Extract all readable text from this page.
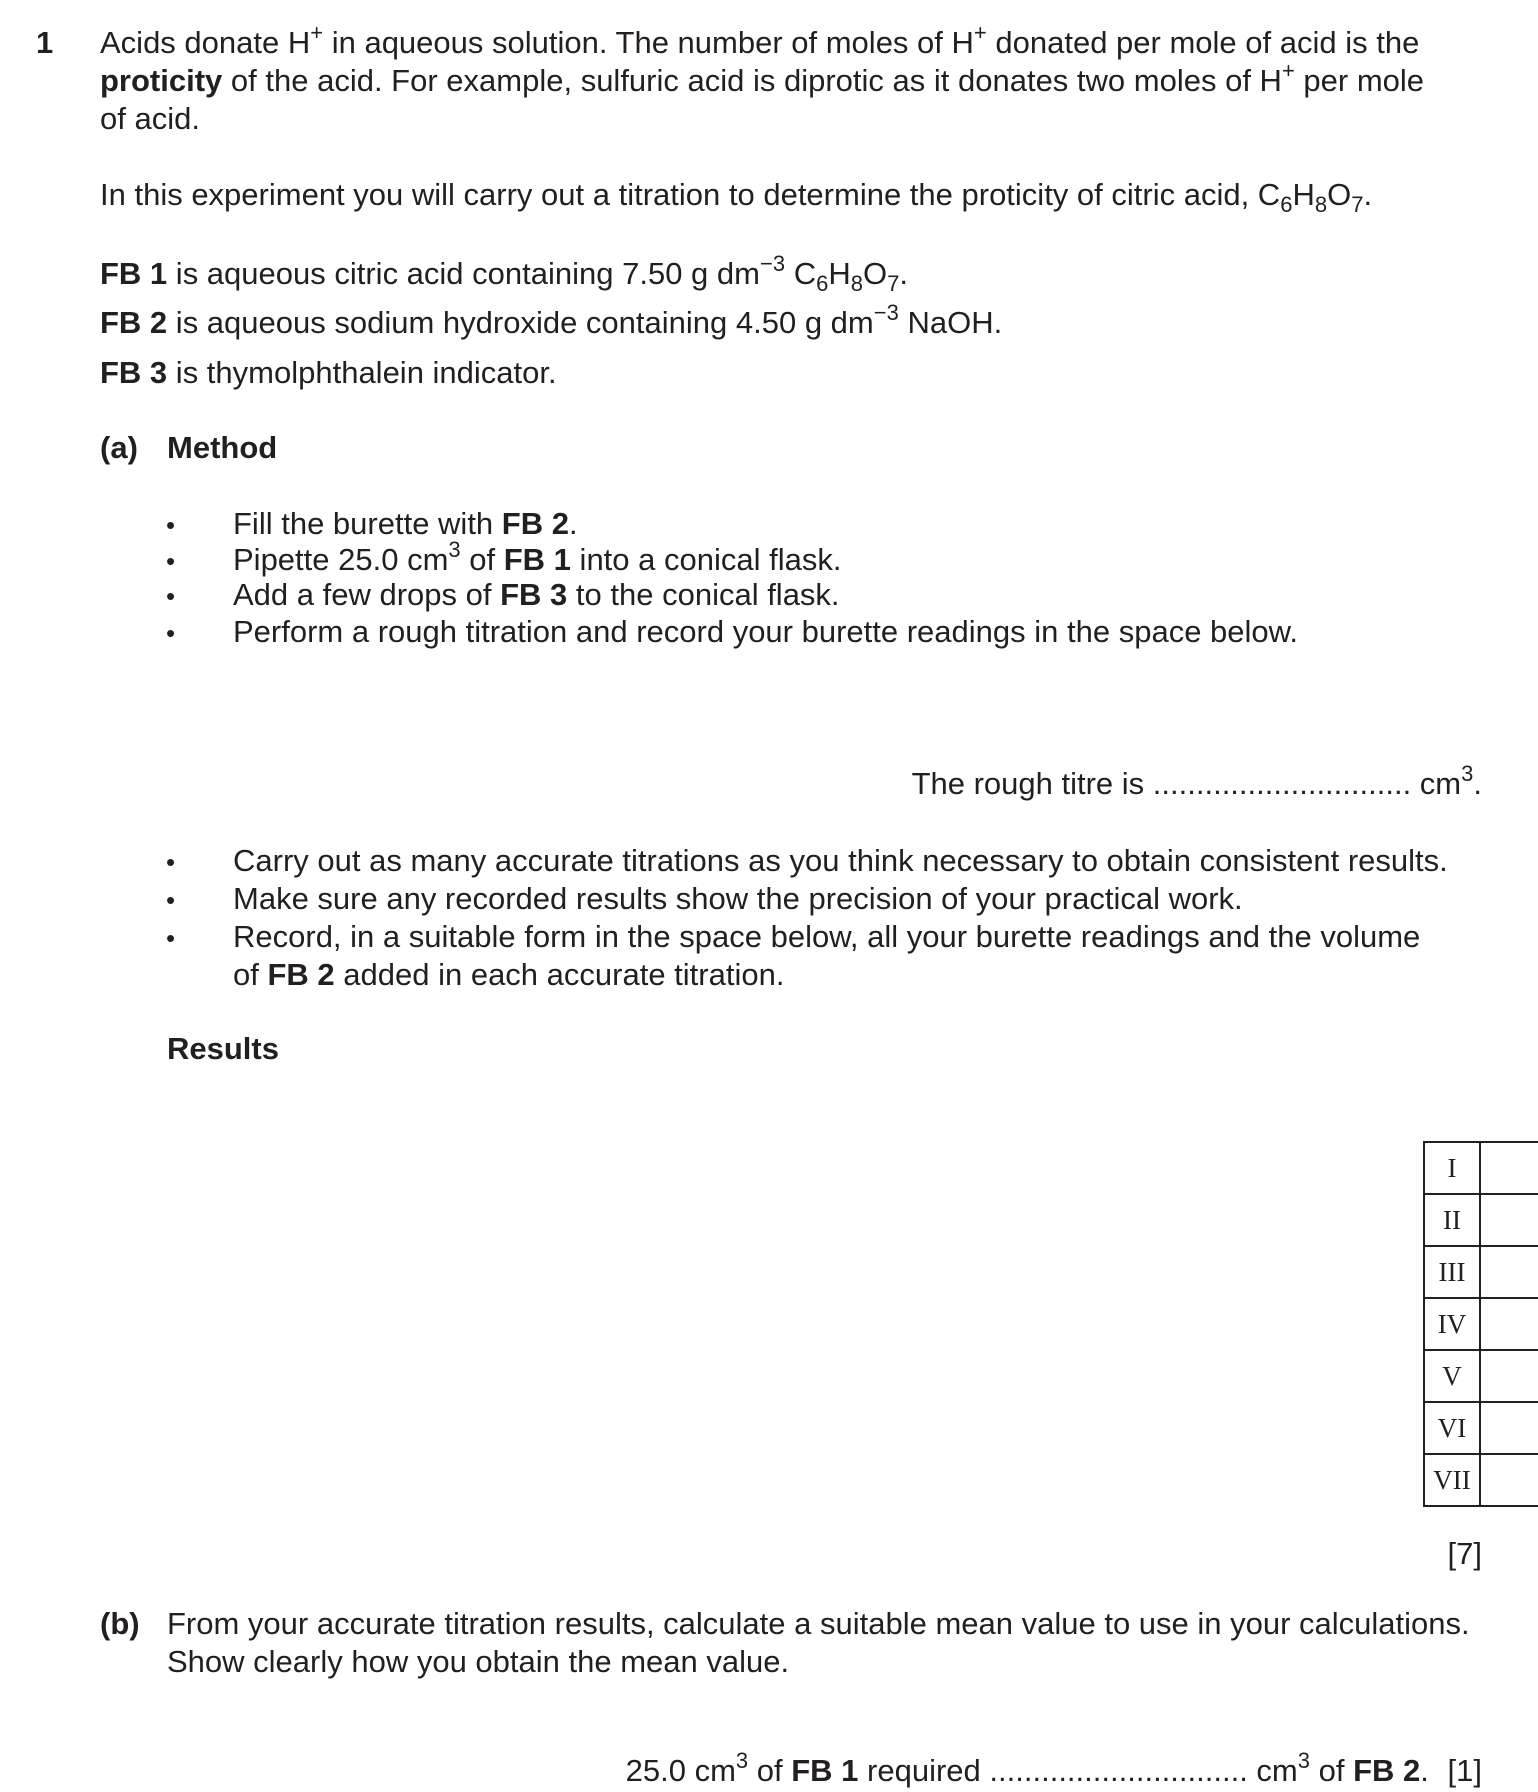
1 Acids donate H+ in aqueous solution. The number of moles of H+ donated per mole of acid is the
proticity of the acid. For example, sulfuric acid is diprotic as it donates two moles of H+ per mole
of acid.
In this experiment you will carry out a titration to determine the proticity of citric acid, $C_6H_8O_7$.
FB 1 is aqueous citric acid containing 7.50 g $dm^{-3}$ $C_6H_8O_7$.
FB 2 is aqueous sodium hydroxide containing 4.50 g $dm^{-3}$ NaOH.
FB 3 is thymolphthalein indicator.
(a) Method
• Fill the burette with FB 2.
• Pipette 25.0 $cm^3$ of FB 1 into a conical flask.
• Add a few drops of FB 3 to the conical flask.
• Perform a rough titration and record your burette readings in the space below.
The rough titre is .............................. $cm^3$.
• Carry out as many accurate titrations as you think necessary to obtain consistent results.
• Make sure any recorded results show the precision of your practical work.
• Record, in a suitable form in the space below, all your burette readings and the volume
of FB 2 added in each accurate titration.
Results
I	
II	
III	
IV	
V	
VI	
VII	
[7]
(b) From your accurate titration results, calculate a suitable mean value to use in your calculations.
Show clearly how you obtain the mean value.
25.0 $cm^3$ of FB 1 required .............................. $cm^3$ of FB 2. [1]
